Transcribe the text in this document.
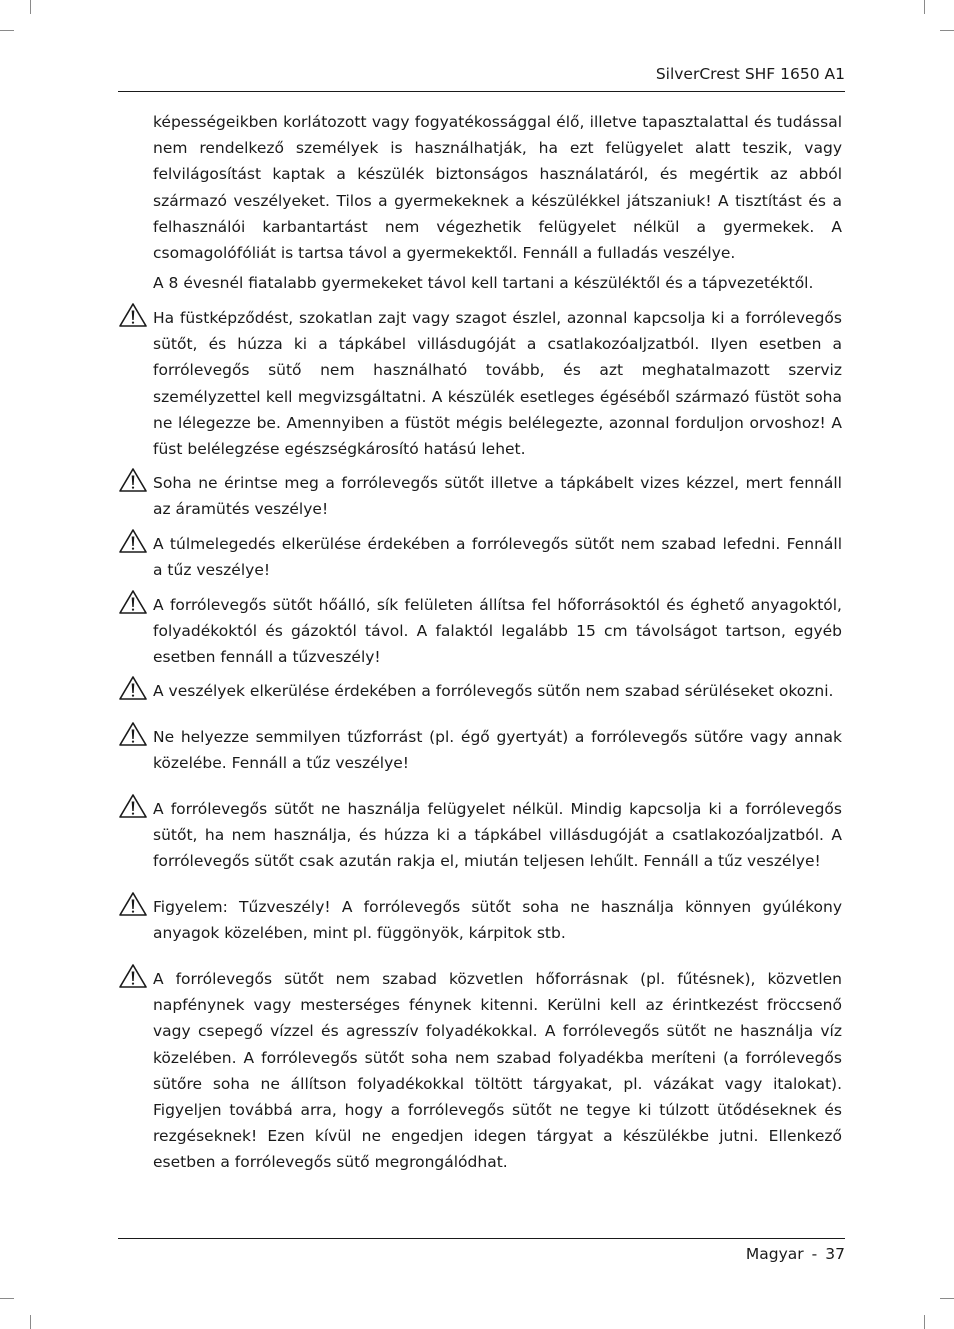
SilverCrest SHF 1650 A1

képességeikben korlátozott vagy fogyatékossággal élő, illetve tapasztalattal és tudással nem rendelkező személyek is használhatják, ha ezt felügyelet alatt teszik, vagy felvilágosítást kaptak a készülék biztonságos használatáról, és megértik az abból származó veszélyeket. Tilos a gyermekeknek a készülékkel játszaniuk! A tisztítást és a felhasználói karbantartást nem végezhetik felügyelet nélkül a gyermekek. A csomagolófóliát is tartsa távol a gyermekektől. Fennáll a fulladás veszélye.

A 8 évesnél fiatalabb gyermekeket távol kell tartani a készüléktől és a tápvezetéktől.

Ha füstképződést, szokatlan zajt vagy szagot észlel, azonnal kapcsolja ki a forrólevegős sütőt, és húzza ki a tápkábel villásdugóját a csatlakozóaljzatból. Ilyen esetben a forrólevegős sütő nem használható tovább, és azt meghatalmazott szerviz személyzettel kell megvizsgáltatni. A készülék esetleges égéséből származó füstöt soha ne lélegezze be. Amennyiben a füstöt mégis belélegezte, azonnal forduljon orvoshoz! A füst belélegzése egészségkárosító hatású lehet.

Soha ne érintse meg a forrólevegős sütőt illetve a tápkábelt vizes kézzel, mert fennáll az áramütés veszélye!

A túlmelegedés elkerülése érdekében a forrólevegős sütőt nem szabad lefedni. Fennáll a tűz veszélye!

A forrólevegős sütőt hőálló, sík felületen állítsa fel hőforrásoktól és éghető anyagoktól, folyadékoktól és gázoktól távol. A falaktól legalább 15 cm távolságot tartson, egyéb esetben fennáll a tűzveszély!

A veszélyek elkerülése érdekében a forrólevegős sütőn nem szabad sérüléseket okozni.

Ne helyezze semmilyen tűzforrást (pl. égő gyertyát) a forrólevegős sütőre vagy annak közelébe. Fennáll a tűz veszélye!

A forrólevegős sütőt ne használja felügyelet nélkül. Mindig kapcsolja ki a forrólevegős sütőt, ha nem használja, és húzza ki a tápkábel villásdugóját a csatlakozóaljzatból. A forrólevegős sütőt csak azután rakja el, miután teljesen lehűlt. Fennáll a tűz veszélye!

Figyelem: Tűzveszély! A forrólevegős sütőt soha ne használja könnyen gyúlékony anyagok közelében, mint pl. függönyök, kárpitok stb.

A forrólevegős sütőt nem szabad közvetlen hőforrásnak (pl. fűtésnek), közvetlen napfénynek vagy mesterséges fénynek kitenni. Kerülni kell az érintkezést fröccsenő vagy csepegő vízzel és agresszív folyadékokkal. A forrólevegős sütőt ne használja víz közelében. A forrólevegős sütőt soha nem szabad folyadékba meríteni (a forrólevegős sütőre soha ne állítson folyadékokkal töltött tárgyakat, pl. vázákat vagy italokat). Figyeljen továbbá arra, hogy a forrólevegős sütőt ne tegye ki túlzott ütődéseknek és rezgéseknek! Ezen kívül ne engedjen idegen tárgyat a készülékbe jutni. Ellenkező esetben a forrólevegős sütő megrongálódhat.

Magyar - 37
